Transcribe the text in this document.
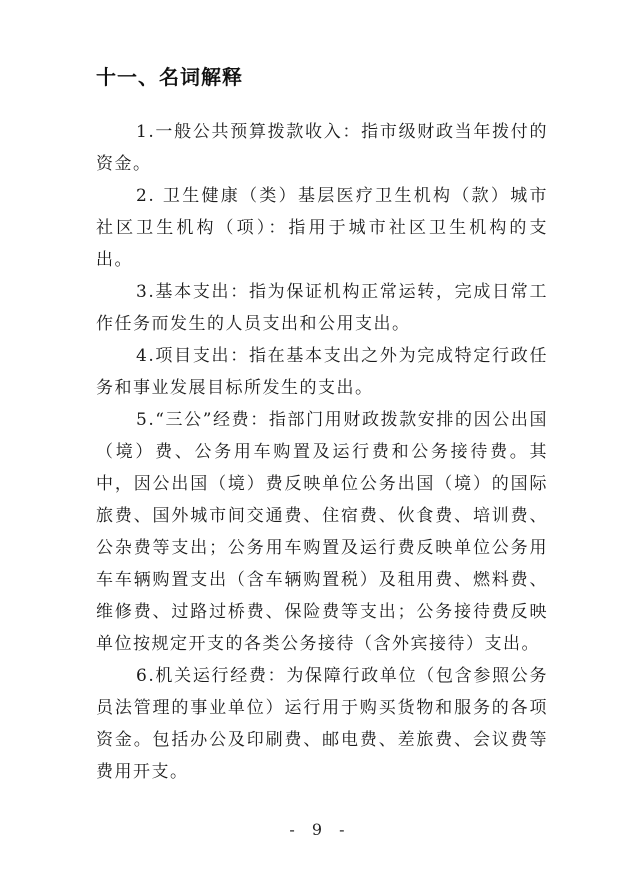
十一、名词解释

1.一般公共预算拨款收入：指市级财政当年拨付的资金。

2. 卫生健康（类）基层医疗卫生机构（款）城市社区卫生机构（项）：指用于城市社区卫生机构的支出。

3.基本支出：指为保证机构正常运转，完成日常工作任务而发生的人员支出和公用支出。

4.项目支出：指在基本支出之外为完成特定行政任务和事业发展目标所发生的支出。

5.“三公”经费：指部门用财政拨款安排的因公出国（境）费、公务用车购置及运行费和公务接待费。其中，因公出国（境）费反映单位公务出国（境）的国际旅费、国外城市间交通费、住宿费、伙食费、培训费、公杂费等支出；公务用车购置及运行费反映单位公务用车车辆购置支出（含车辆购置税）及租用费、燃料费、维修费、过路过桥费、保险费等支出；公务接待费反映单位按规定开支的各类公务接待（含外宾接待）支出。

6.机关运行经费：为保障行政单位（包含参照公务员法管理的事业单位）运行用于购买货物和服务的各项资金。包括办公及印刷费、邮电费、差旅费、会议费等费用开支。

- 9 -
